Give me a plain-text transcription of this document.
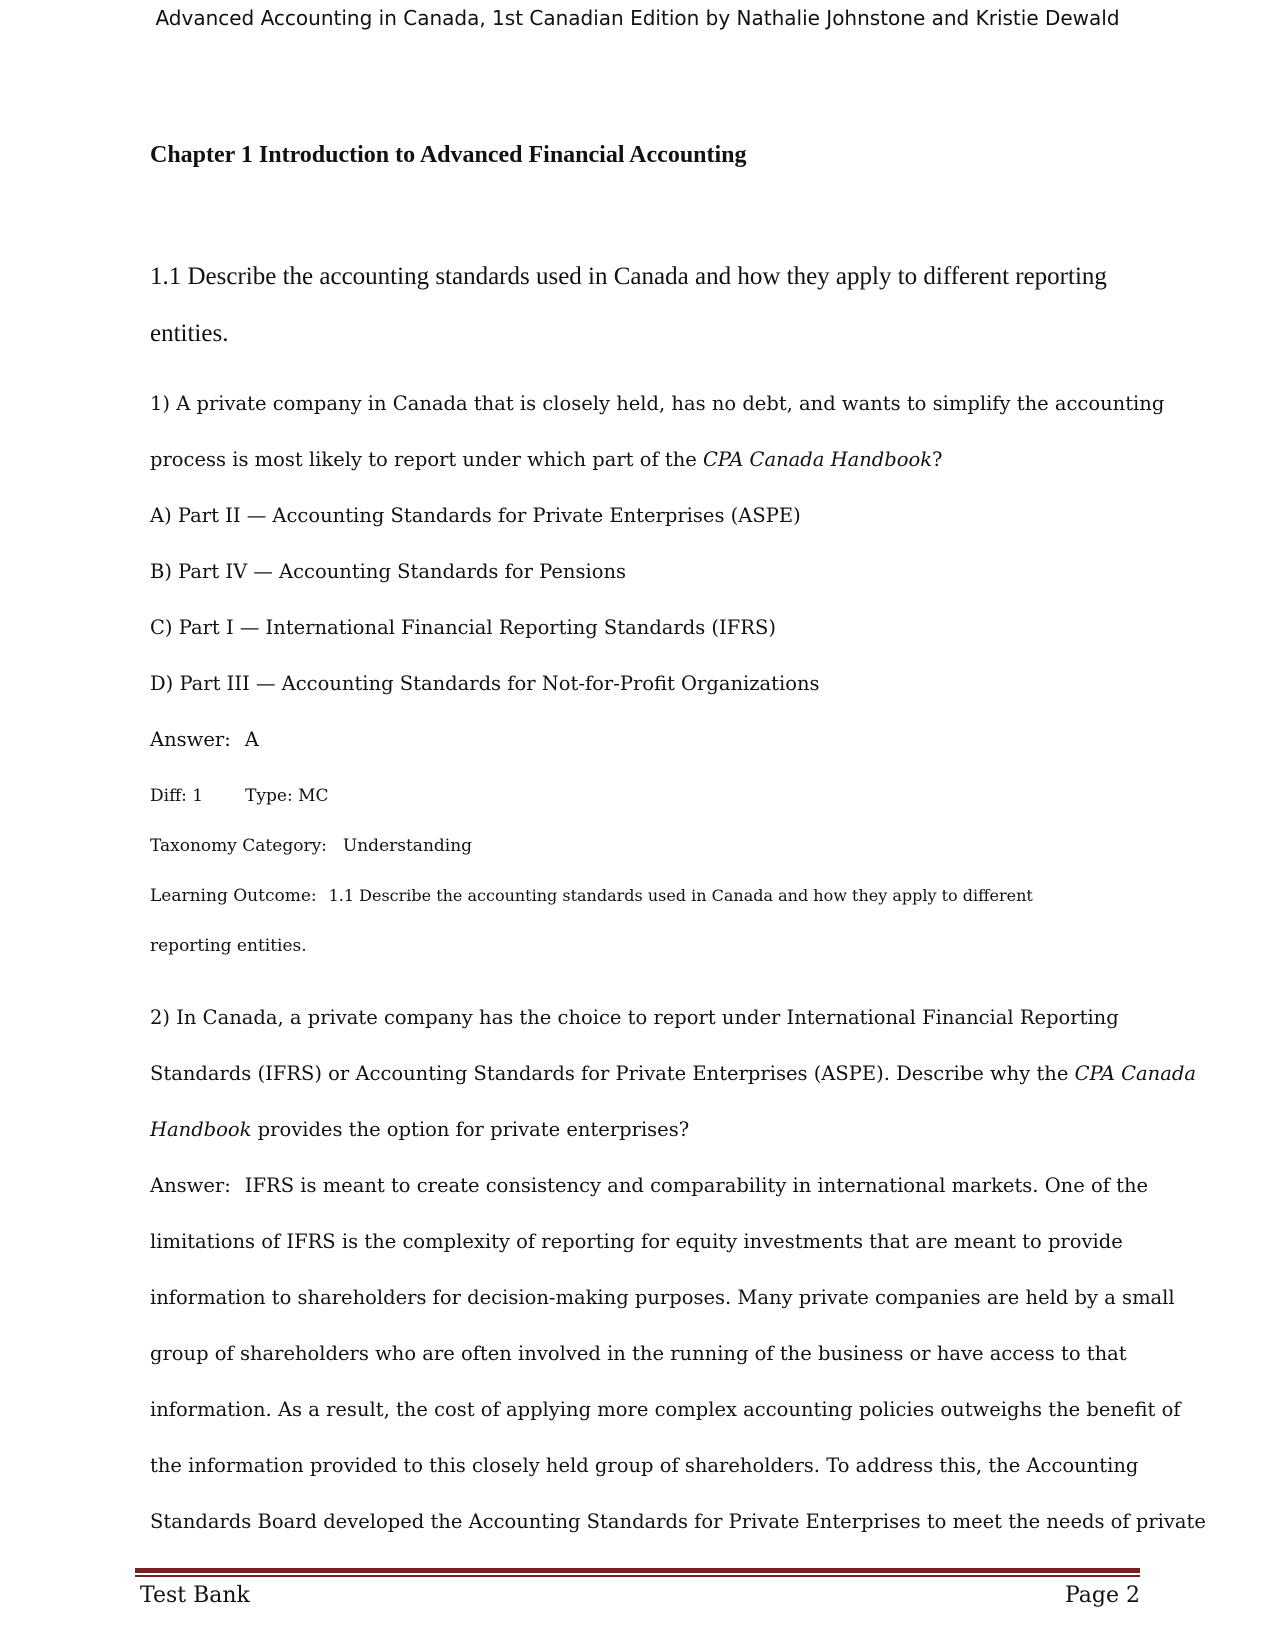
Advanced Accounting in Canada, 1st Canadian Edition by Nathalie Johnstone and Kristie Dewald
Chapter 1 Introduction to Advanced Financial Accounting
1.1 Describe the accounting standards used in Canada and how they apply to different reporting
entities.
1) A private company in Canada that is closely held, has no debt, and wants to simplify the accounting
process is most likely to report under which part of the CPA Canada Handbook?
A) Part II — Accounting Standards for Private Enterprises (ASPE)
B) Part IV — Accounting Standards for Pensions
C) Part I — International Financial Reporting Standards (IFRS)
D) Part III — Accounting Standards for Not-for-Profit Organizations
Answer: A
Diff: 1 Type: MC
Taxonomy Category: Understanding
Learning Outcome: 1.1 Describe the accounting standards used in Canada and how they apply to different
reporting entities.
2) In Canada, a private company has the choice to report under International Financial Reporting
Standards (IFRS) or Accounting Standards for Private Enterprises (ASPE). Describe why the CPA Canada
Handbook provides the option for private enterprises?
Answer: IFRS is meant to create consistency and comparability in international markets. One of the
limitations of IFRS is the complexity of reporting for equity investments that are meant to provide
information to shareholders for decision-making purposes. Many private companies are held by a small
group of shareholders who are often involved in the running of the business or have access to that
information. As a result, the cost of applying more complex accounting policies outweighs the benefit of
the information provided to this closely held group of shareholders. To address this, the Accounting
Standards Board developed the Accounting Standards for Private Enterprises to meet the needs of private
Test Bank	Page 2
